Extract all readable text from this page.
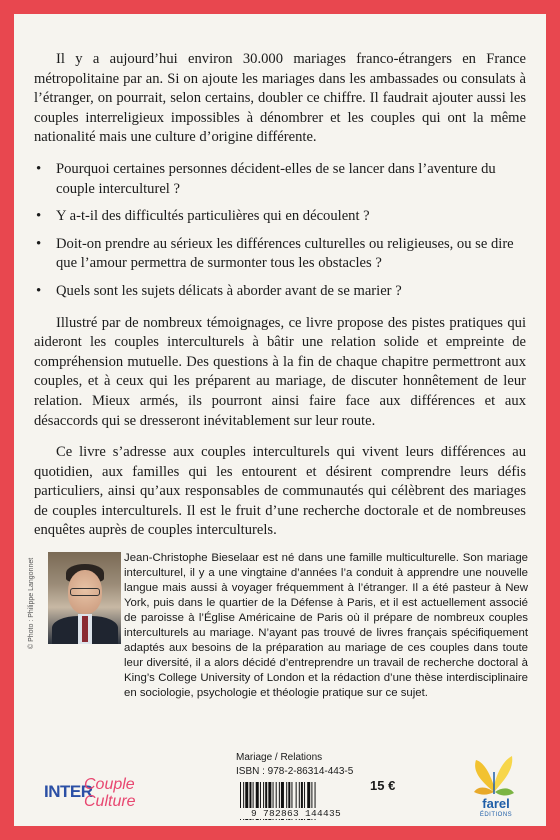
Il y a aujourd’hui environ 30.000 mariages franco-étrangers en France métropolitaine par an. Si on ajoute les mariages dans les ambassades ou consulats à l’étranger, on pourrait, selon certains, doubler ce chiffre. Il faudrait ajouter aussi les couples interreligieux impossibles à dénombrer et les couples qui ont la même nationalité mais une culture d’origine différente.

• Pourquoi certaines personnes décident-elles de se lancer dans l’aventure du couple interculturel ?
• Y a-t-il des difficultés particulières qui en découlent ?
• Doit-on prendre au sérieux les différences culturelles ou religieuses, ou se dire que l’amour permettra de surmonter tous les obstacles ?
• Quels sont les sujets délicats à aborder avant de se marier ?

Illustré par de nombreux témoignages, ce livre propose des pistes pratiques qui aideront les couples interculturels à bâtir une relation solide et empreinte de compréhension mutuelle. Des questions à la fin de chaque chapitre permettront aux couples, et à ceux qui les préparent au mariage, de discuter honnêtement de leur relation. Mieux armés, ils pourront ainsi faire face aux différences et aux désaccords qui se dresseront inévitablement sur leur route.

Ce livre s’adresse aux couples interculturels qui vivent leurs différences au quotidien, aux familles qui les entourent et désirent comprendre leurs défis particuliers, ainsi qu’aux responsables de communautés qui célèbrent des mariages de couples interculturels. Il est le fruit d’une recherche doctorale et de nombreuses enquêtes auprès de couples interculturels.

© Photo : Philippe Langonnet	Jean-Christophe Bieselaar est né dans une famille multiculturelle. Son mariage interculturel, il y a une vingtaine d’années l’a conduit à apprendre une nouvelle langue mais aussi à voyager fréquemment à l’étranger. Il a été pasteur à New York, puis dans le quartier de la Défense à Paris, et il est actuellement associé de paroisse à l’Église Américaine de Paris où il prépare de nombreux couples interculturels au mariage. N’ayant pas trouvé de livres français spécifiquement adaptés aux besoins de la préparation au mariage de ces couples dans toute leur diversité, il a alors décidé d’entreprendre un travail de recherche doctoral à King’s College University of London et la rédaction d’une thèse interdisciplinaire en sociologie, psychologie et théologie pratique sur ce sujet.
INTER
Couple
Culture
Mariage / Relations
ISBN : 978-2-86314-443-5
9 782863 144435
15 €
farel
ÉDITIONS
